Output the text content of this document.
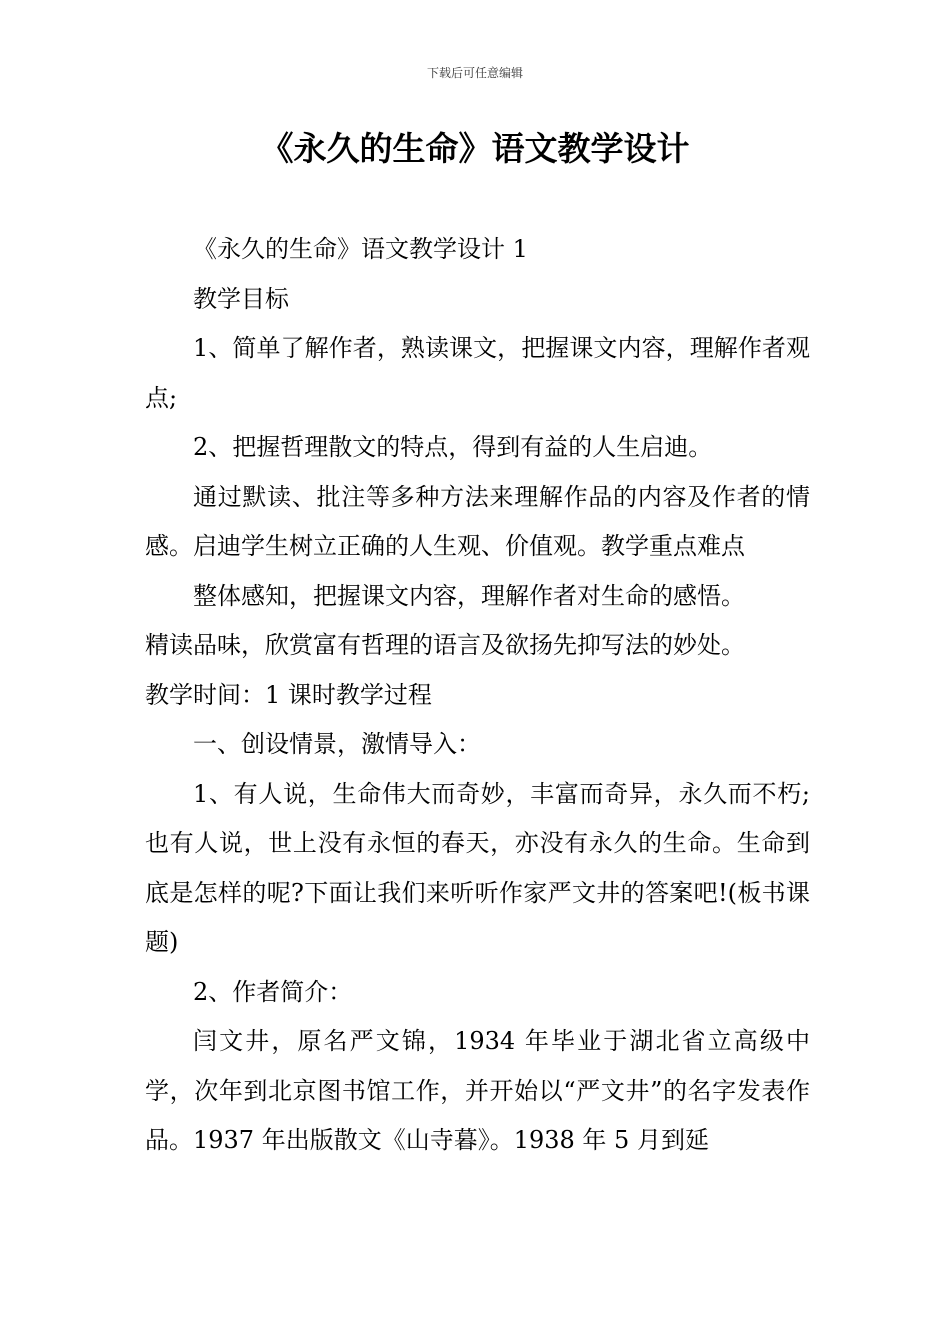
下载后可任意编辑
《永久的生命》语文教学设计

《永久的生命》语文教学设计 1

教学目标

1、简单了解作者，熟读课文，把握课文内容，理解作者观点;

2、把握哲理散文的特点，得到有益的人生启迪。

通过默读、批注等多种方法来理解作品的内容及作者的情感。启迪学生树立正确的人生观、价值观。教学重点难点

整体感知，把握课文内容，理解作者对生命的感悟。

精读品味，欣赏富有哲理的语言及欲扬先抑写法的妙处。

教学时间：1 课时教学过程

一、创设情景，激情导入：

1、有人说，生命伟大而奇妙，丰富而奇异，永久而不朽;也有人说，世上没有永恒的春天，亦没有永久的生命。生命到底是怎样的呢?下面让我们来听听作家严文井的答案吧!(板书课题)

2、作者简介：

闫文井，原名严文锦，1934 年毕业于湖北省立高级中学，次年到北京图书馆工作，并开始以“严文井”的名字发表作品。1937 年出版散文《山寺暮》。1938 年 5 月到延
